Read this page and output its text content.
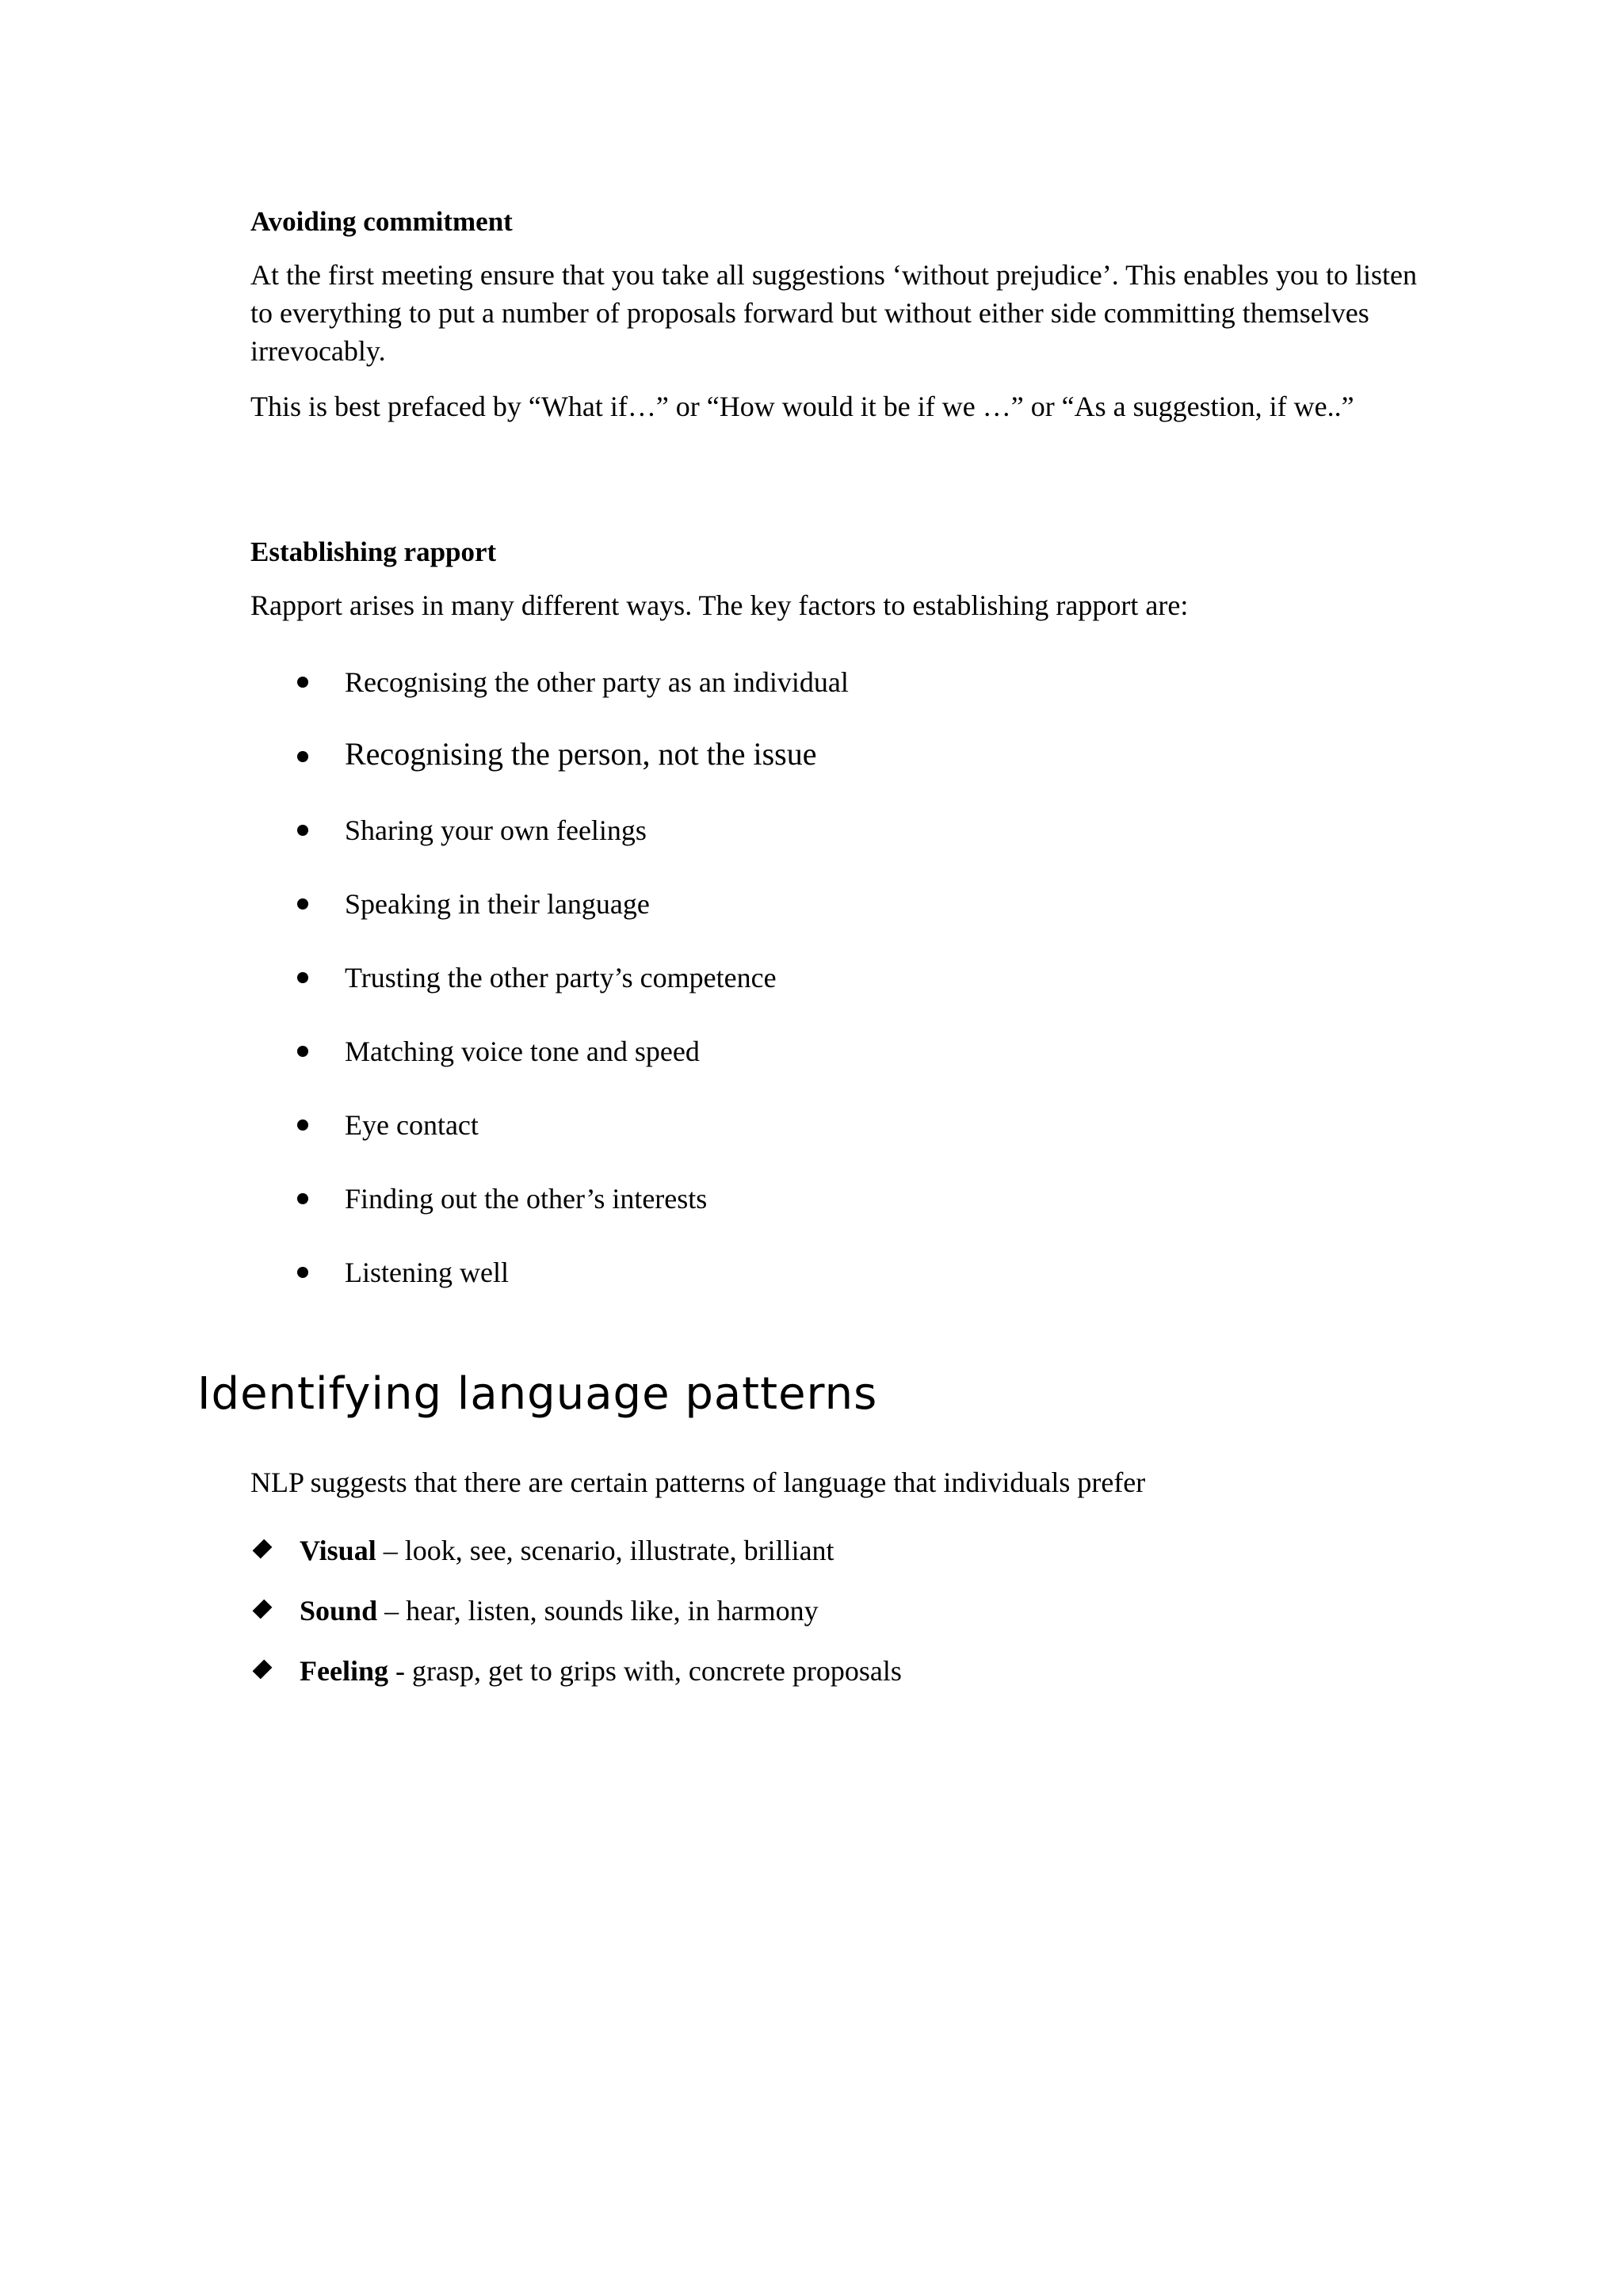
Avoiding commitment

At the first meeting ensure that you take all suggestions ‘without prejudice’. This enables you to listen to everything to put a number of proposals forward but without either side committing themselves irrevocably.

This is best prefaced by “What if…” or “How would it be if we …” or “As a suggestion, if we..”

Establishing rapport

Rapport arises in many different ways. The key factors to establishing rapport are:

Recognising the other party as an individual

Recognising the person, not the issue

Sharing your own feelings

Speaking in their language

Trusting the other party’s competence

Matching voice tone and speed

Eye contact

Finding out the other’s interests

Listening well

Identifying language patterns

NLP suggests that there are certain patterns of language that individuals prefer

Visual – look, see, scenario, illustrate, brilliant

Sound – hear, listen, sounds like, in harmony

Feeling - grasp, get to grips with, concrete proposals
